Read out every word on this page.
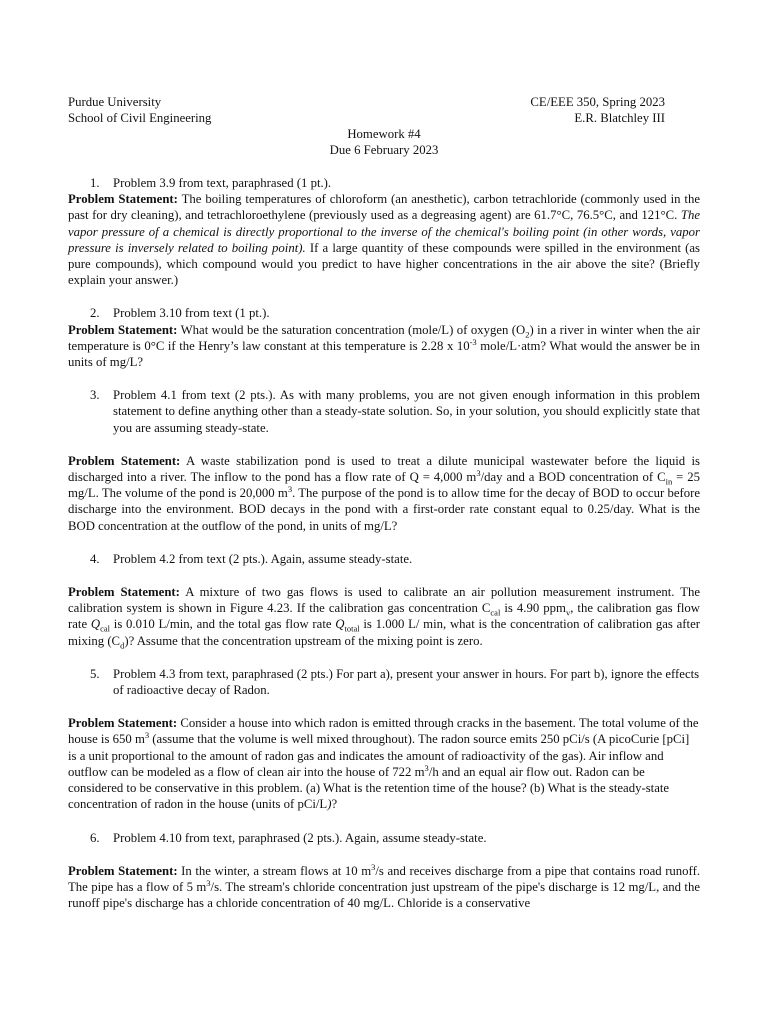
Purdue University
School of Civil Engineering
CE/EEE 350, Spring 2023
E.R. Blatchley III
Homework #4
Due 6 February 2023
1. Problem 3.9 from text, paraphrased (1 pt.).
Problem Statement: The boiling temperatures of chloroform (an anesthetic), carbon tetrachloride (commonly used in the past for dry cleaning), and tetrachloroethylene (previously used as a degreasing agent) are 61.7°C, 76.5°C, and 121°C. The vapor pressure of a chemical is directly proportional to the inverse of the chemical's boiling point (in other words, vapor pressure is inversely related to boiling point). If a large quantity of these compounds were spilled in the environment (as pure compounds), which compound would you predict to have higher concentrations in the air above the site? (Briefly explain your answer.)
2. Problem 3.10 from text (1 pt.).
Problem Statement: What would be the saturation concentration (mole/L) of oxygen $(O_2)$ in a river in winter when the air temperature is 0°C if the Henry’s law constant at this temperature is 2.28 x $10^{-3}$ mole/L·atm? What would the answer be in units of mg/L?
3. Problem 4.1 from text (2 pts.). As with many problems, you are not given enough information in this problem statement to define anything other than a steady-state solution. So, in your solution, you should explicitly state that you are assuming steady-state.
Problem Statement: A waste stabilization pond is used to treat a dilute municipal wastewater before the liquid is discharged into a river. The inflow to the pond has a flow rate of Q = 4,000 $m^3$/day and a BOD concentration of $C_{in} = 25$ mg/L. The volume of the pond is 20,000 $m^3$. The purpose of the pond is to allow time for the decay of BOD to occur before discharge into the environment. BOD decays in the pond with a first-order rate constant equal to 0.25/day. What is the BOD concentration at the outflow of the pond, in units of mg/L?
4. Problem 4.2 from text (2 pts.). Again, assume steady-state.
Problem Statement: A mixture of two gas flows is used to calibrate an air pollution measurement instrument. The calibration system is shown in Figure 4.23. If the calibration gas concentration $C_{cal}$ is 4.90 ppm$_v$, the calibration gas flow rate $Q_{cal}$ is 0.010 L/min, and the total gas flow rate $Q_{total}$ is 1.000 L/ min, what is the concentration of calibration gas after mixing $(C_d)$? Assume that the concentration upstream of the mixing point is zero.
5. Problem 4.3 from text, paraphrased (2 pts.) For part a), present your answer in hours. For part b), ignore the effects of radioactive decay of Radon.
Problem Statement: Consider a house into which radon is emitted through cracks in the basement. The total volume of the house is 650 $m^3$ (assume that the volume is well mixed throughout). The radon source emits 250 pCi/s (A picoCurie [pCi] is a unit proportional to the amount of radon gas and indicates the amount of radioactivity of the gas). Air inflow and outflow can be modeled as a flow of clean air into the house of 722 $m^3/h$ and an equal air flow out. Radon can be considered to be conservative in this problem. (a) What is the retention time of the house? (b) What is the steady-state concentration of radon in the house (units of pCi/L)?
6. Problem 4.10 from text, paraphrased (2 pts.). Again, assume steady-state.
Problem Statement: In the winter, a stream flows at 10 $m^3/s$ and receives discharge from a pipe that contains road runoff. The pipe has a flow of 5 $m^3/s$. The stream's chloride concentration just upstream of the pipe's discharge is 12 mg/L, and the runoff pipe's discharge has a chloride concentration of 40 mg/L. Chloride is a conservative
